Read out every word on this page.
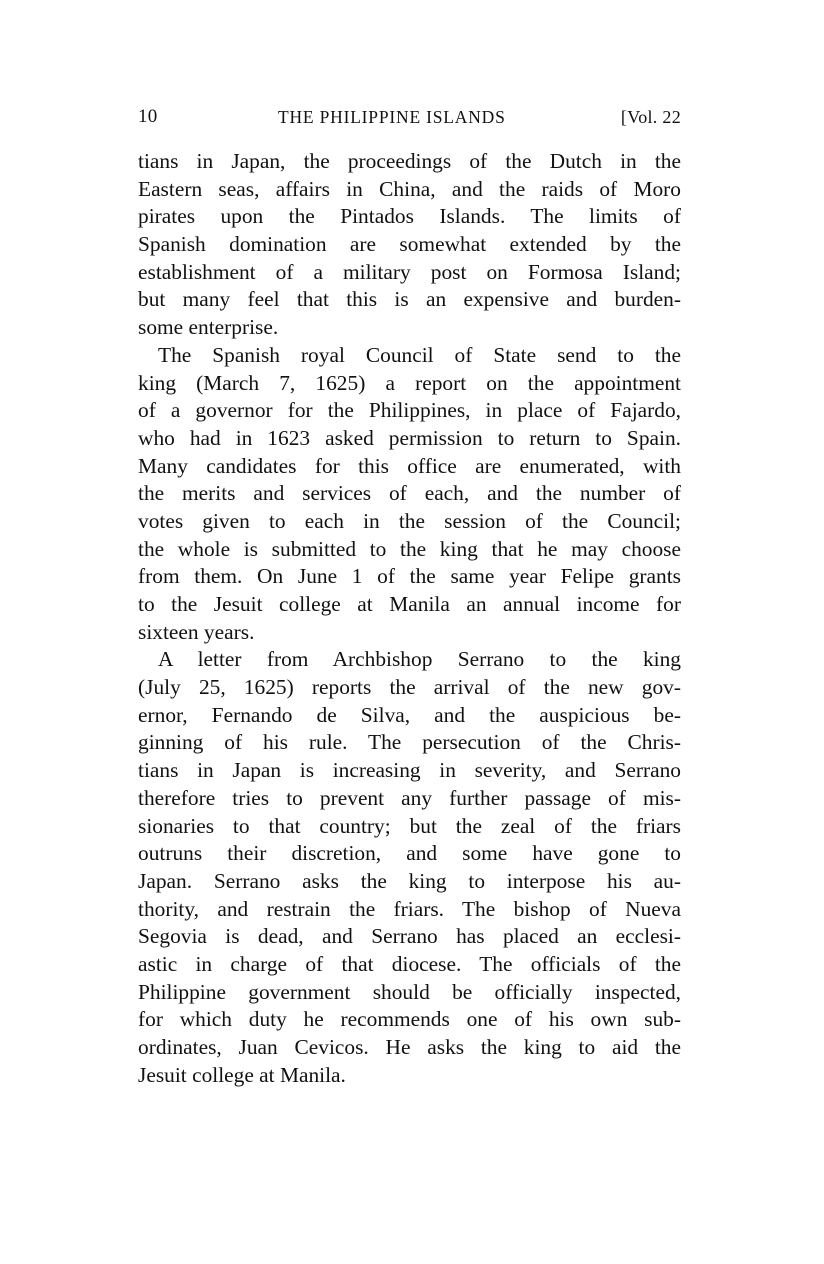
10	THE PHILIPPINE ISLANDS	[Vol. 22

tians in Japan, the proceedings of the Dutch in the
Eastern seas, affairs in China, and the raids of Moro
pirates upon the Pintados Islands. The limits of
Spanish domination are somewhat extended by the
establishment of a military post on Formosa Island;
but many feel that this is an expensive and burden-
some enterprise.

The Spanish royal Council of State send to the
king (March 7, 1625) a report on the appointment
of a governor for the Philippines, in place of Fajardo,
who had in 1623 asked permission to return to Spain.
Many candidates for this office are enumerated, with
the merits and services of each, and the number of
votes given to each in the session of the Council;
the whole is submitted to the king that he may choose
from them. On June 1 of the same year Felipe grants
to the Jesuit college at Manila an annual income for
sixteen years.

A letter from Archbishop Serrano to the king
(July 25, 1625) reports the arrival of the new gov-
ernor, Fernando de Silva, and the auspicious be-
ginning of his rule. The persecution of the Chris-
tians in Japan is increasing in severity, and Serrano
therefore tries to prevent any further passage of mis-
sionaries to that country; but the zeal of the friars
outruns their discretion, and some have gone to
Japan. Serrano asks the king to interpose his au-
thority, and restrain the friars. The bishop of Nueva
Segovia is dead, and Serrano has placed an ecclesi-
astic in charge of that diocese. The officials of the
Philippine government should be officially inspected,
for which duty he recommends one of his own sub-
ordinates, Juan Cevicos. He asks the king to aid the
Jesuit college at Manila.
